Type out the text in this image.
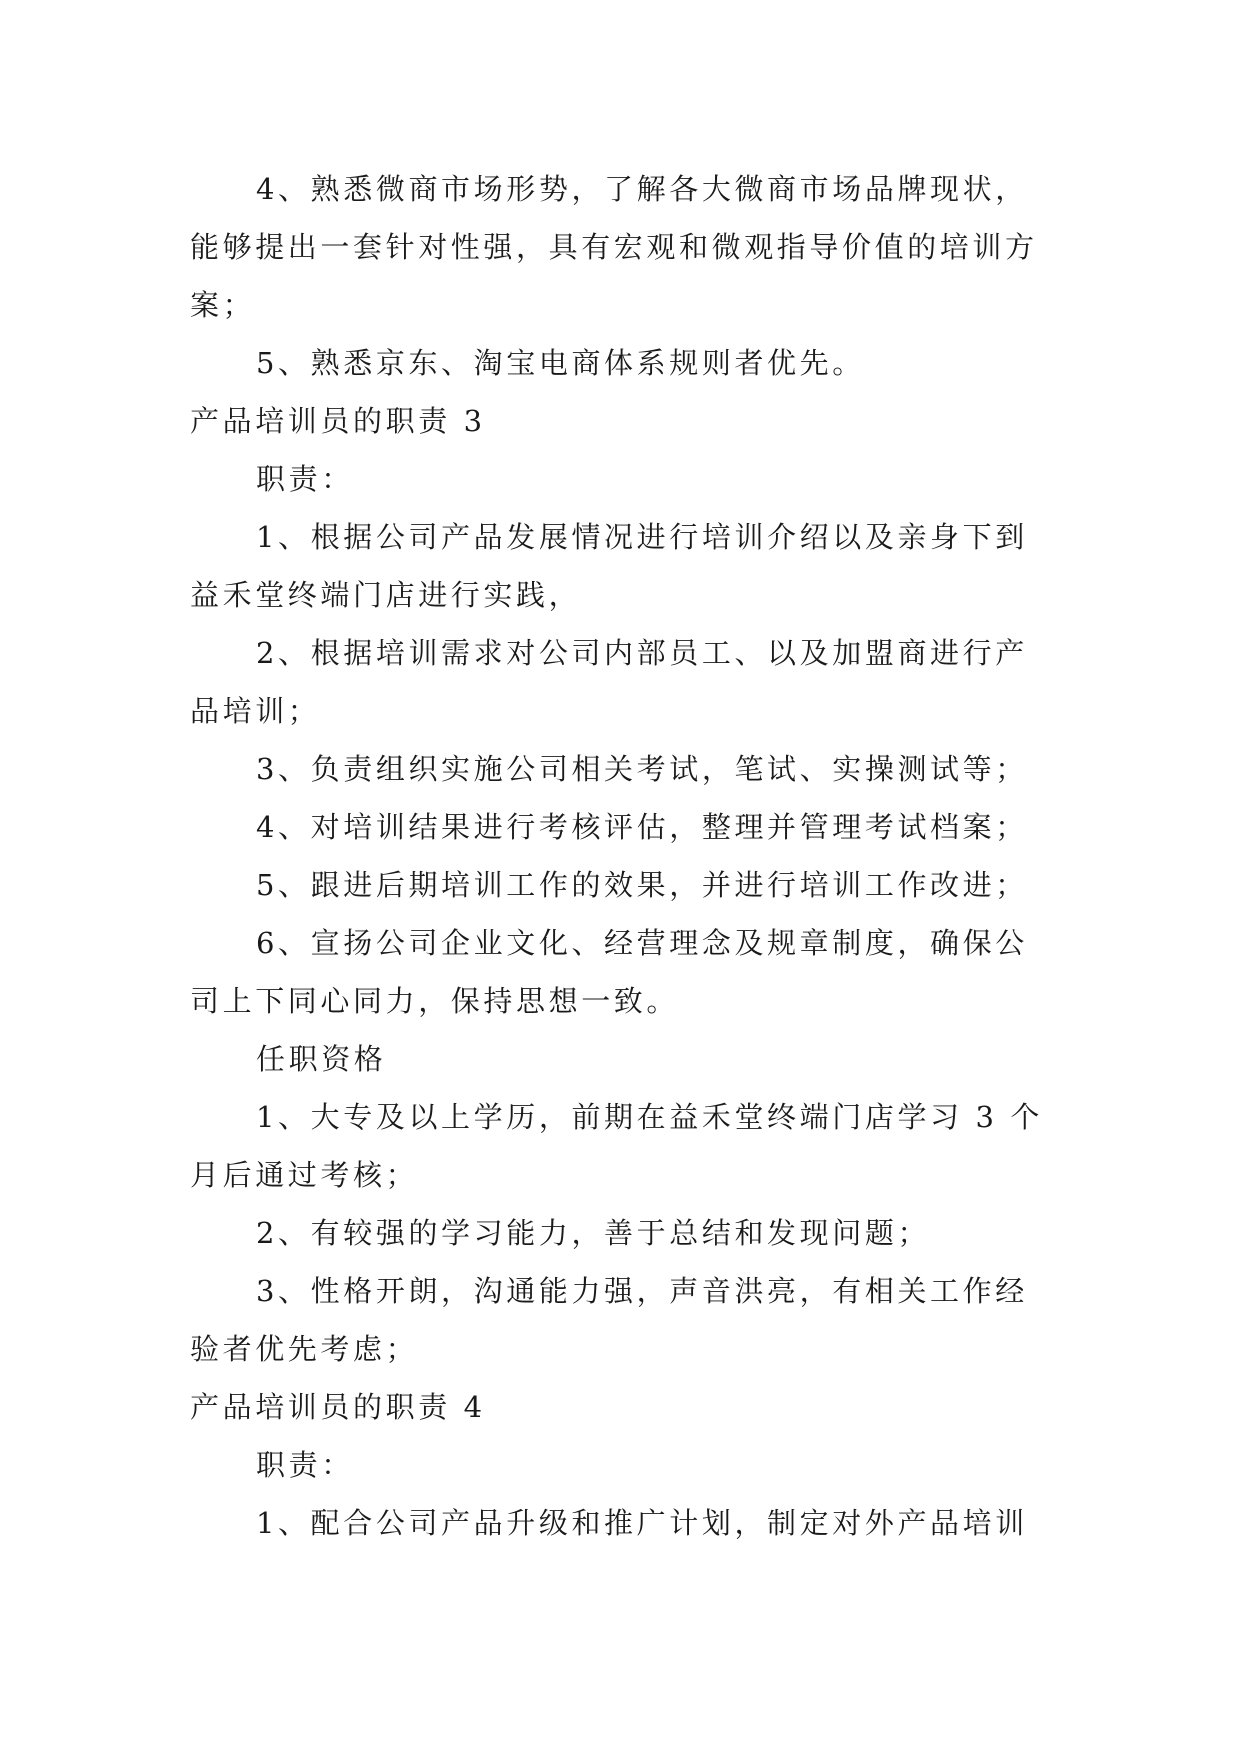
4、熟悉微商市场形势，了解各大微商市场品牌现状，
能够提出一套针对性强，具有宏观和微观指导价值的培训方
案；
5、熟悉京东、淘宝电商体系规则者优先。
产品培训员的职责 3
职责：
1、根据公司产品发展情况进行培训介绍以及亲身下到
益禾堂终端门店进行实践，
2、根据培训需求对公司内部员工、以及加盟商进行产
品培训；
3、负责组织实施公司相关考试，笔试、实操测试等；
4、对培训结果进行考核评估，整理并管理考试档案；
5、跟进后期培训工作的效果，并进行培训工作改进；
6、宣扬公司企业文化、经营理念及规章制度，确保公
司上下同心同力，保持思想一致。
任职资格
1、大专及以上学历，前期在益禾堂终端门店学习 3 个
月后通过考核；
2、有较强的学习能力，善于总结和发现问题；
3、性格开朗，沟通能力强，声音洪亮，有相关工作经
验者优先考虑；
产品培训员的职责 4
职责：
1、配合公司产品升级和推广计划，制定对外产品培训
